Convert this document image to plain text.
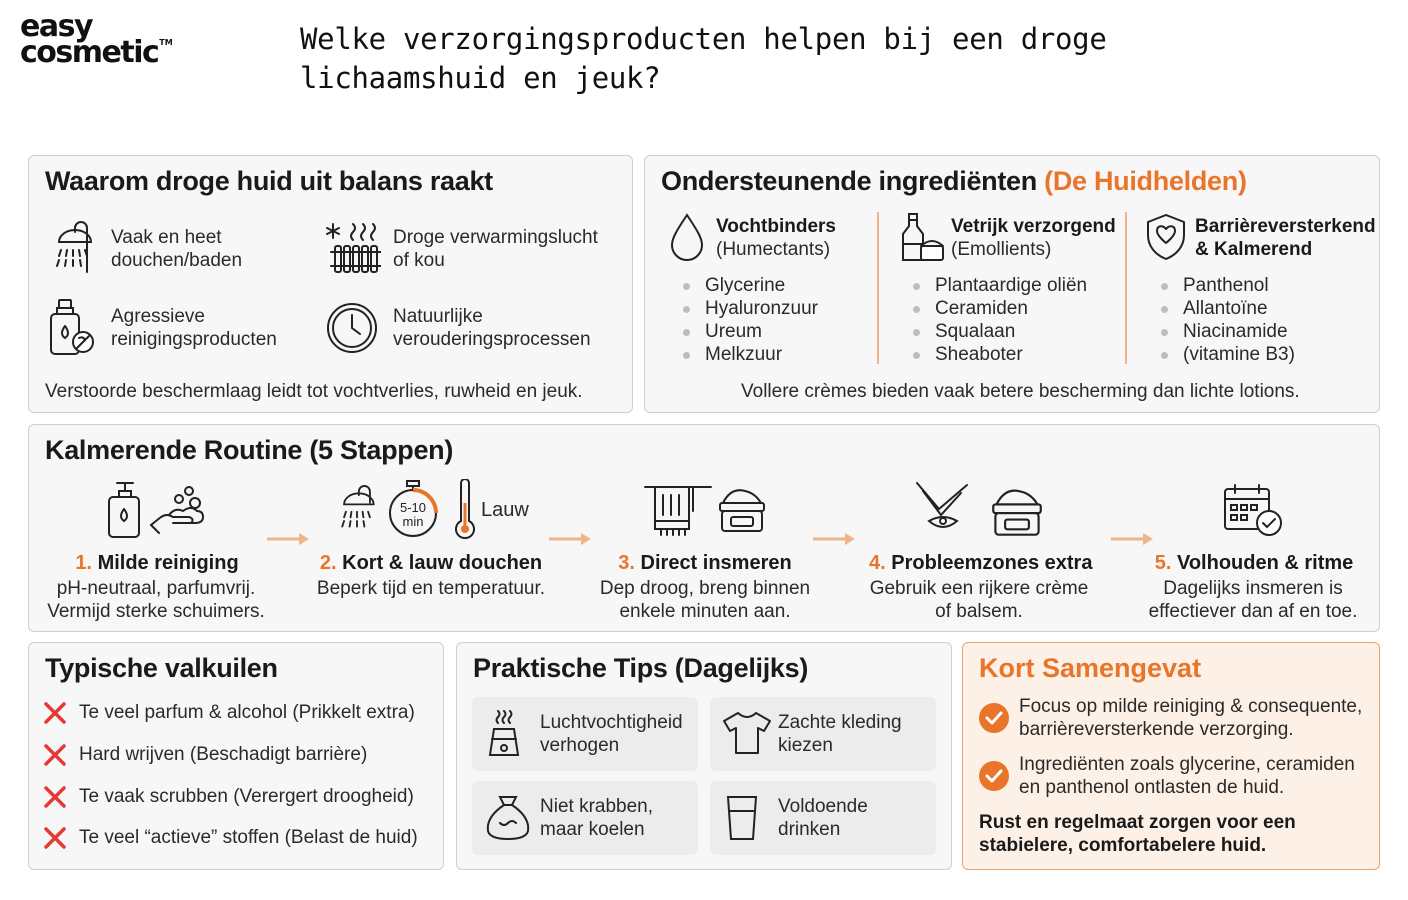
easy
cosmetic™	Welke verzorgingsproducten helpen bij een droge
lichaamshuid en jeuk?
Waarom droge huid uit balans raakt
Vaak en heet
douchen/baden
Droge verwarmingslucht
of kou
Agressieve
reinigingsproducten
Natuurlijke
verouderingsprocessen
Verstoorde beschermlaag leidt tot vochtverlies, ruwheid en jeuk.
Ondersteunende ingrediënten (De Huidhelden)
Vochtbinders
(Humectants)
Glycerine
Hyaluronzuur
Ureum
Melkzuur
Vetrijk verzorgend
(Emollients)
Plantaardige oliën
Ceramiden
Squalaan
Sheaboter
Barrièreversterkend
& Kalmerend
Panthenol
Allantoïne
Niacinamide
(vitamine B3)
Vollere crèmes bieden vaak betere bescherming dan lichte lotions.
Kalmerende Routine (5 Stappen)
1. Milde reiniging
pH-neutraal, parfumvrij.
Vermijd sterke schuimers.
5-10
min
Lauw
2. Kort & lauw douchen
Beperk tijd en temperatuur.
3. Direct insmeren
Dep droog, breng binnen
enkele minuten aan.
4. Probleemzones extra
Gebruik een rijkere crème
of balsem.
5. Volhouden & ritme
Dagelijks insmeren is
effectiever dan af en toe.
Typische valkuilen
Te veel parfum & alcohol (Prikkelt extra)
Hard wrijven (Beschadigt barrière)
Te vaak scrubben (Verergert droogheid)
Te veel “actieve” stoffen (Belast de huid)
Praktische Tips (Dagelijks)
Luchtvochtigheid
verhogen
Zachte kleding
kiezen
Niet krabben,
maar koelen
Voldoende
drinken
Kort Samengevat
Focus op milde reiniging & consequente,
barrièreversterkende verzorging.
Ingrediënten zoals glycerine, ceramiden
en panthenol ontlasten de huid.
Rust en regelmaat zorgen voor een
stabielere, comfortabelere huid.
